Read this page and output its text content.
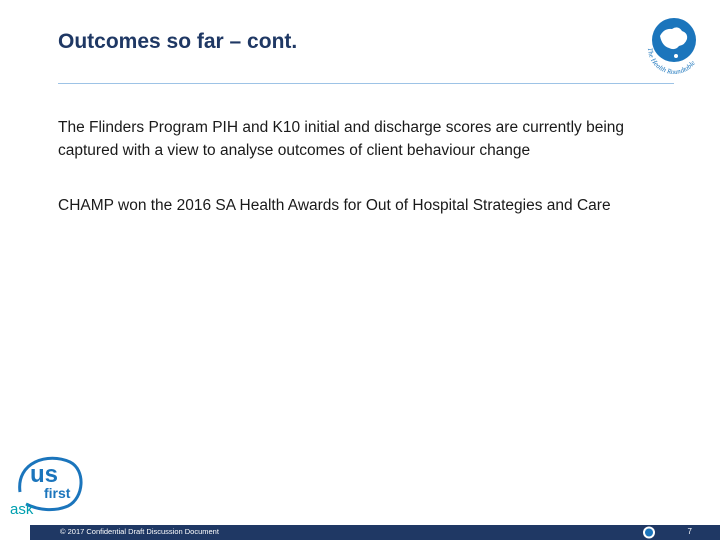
Outcomes so far – cont.	The Health Roundtable

The Flinders Program PIH and K10 initial and discharge scores are currently being captured with a view to analyse outcomes of client behaviour change

CHAMP won the 2016 SA Health Awards for Out of Hospital Strategies and Care

us
first
ask
© 2017 Confidential Draft Discussion Document	7
